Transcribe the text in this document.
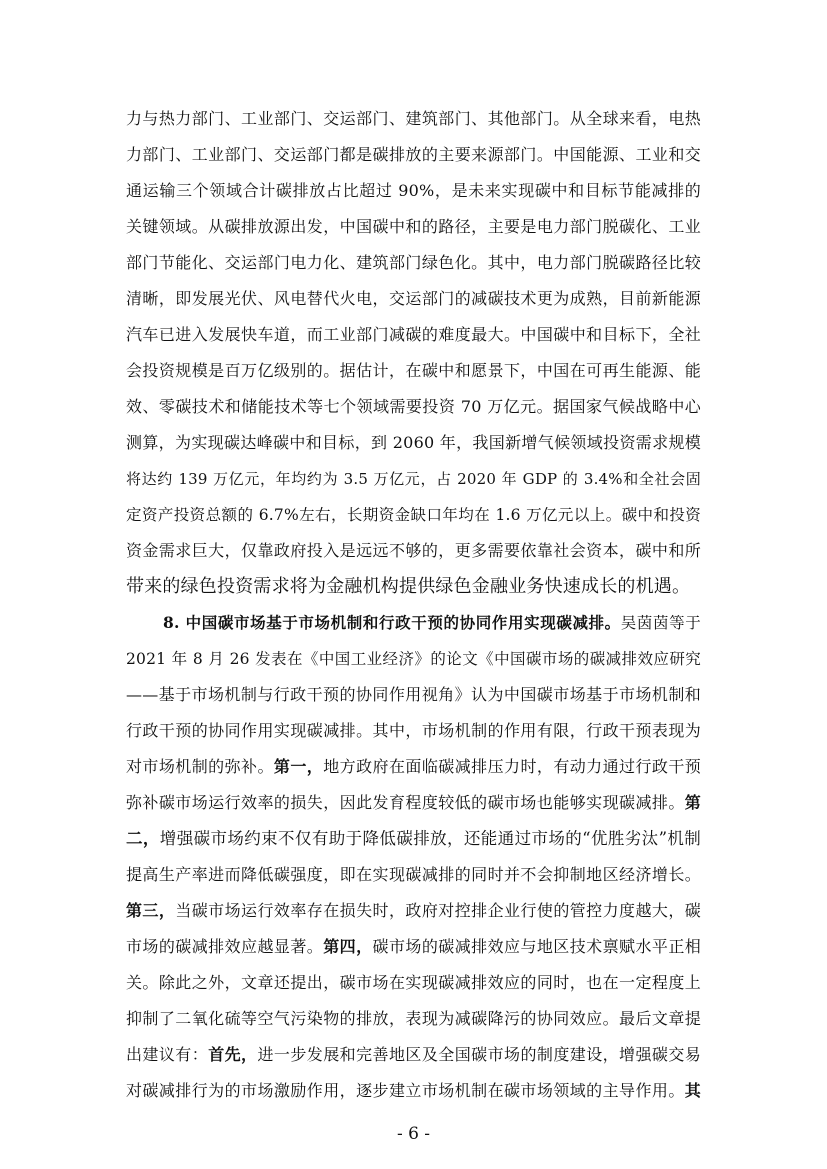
力与热力部门、工业部门、交运部门、建筑部门、其他部门。从全球来看，电热
力部门、工业部门、交运部门都是碳排放的主要来源部门。中国能源、工业和交
通运输三个领域合计碳排放占比超过 90%，是未来实现碳中和目标节能减排的
关键领域。从碳排放源出发，中国碳中和的路径，主要是电力部门脱碳化、工业
部门节能化、交运部门电力化、建筑部门绿色化。其中，电力部门脱碳路径比较
清晰，即发展光伏、风电替代火电，交运部门的减碳技术更为成熟，目前新能源
汽车已进入发展快车道，而工业部门减碳的难度最大。中国碳中和目标下，全社
会投资规模是百万亿级别的。据估计，在碳中和愿景下，中国在可再生能源、能
效、零碳技术和储能技术等七个领域需要投资 70 万亿元。据国家气候战略中心
测算，为实现碳达峰碳中和目标，到 2060 年，我国新增气候领域投资需求规模
将达约 139 万亿元，年均约为 3.5 万亿元，占 2020 年 GDP 的 3.4%和全社会固
定资产投资总额的 6.7%左右，长期资金缺口年均在 1.6 万亿元以上。碳中和投资
资金需求巨大，仅靠政府投入是远远不够的，更多需要依靠社会资本，碳中和所
带来的绿色投资需求将为金融机构提供绿色金融业务快速成长的机遇。
8. 中国碳市场基于市场机制和行政干预的协同作用实现碳减排。吴茵茵等于
2021 年 8 月 26 发表在《中国工业经济》的论文《中国碳市场的碳减排效应研究
——基于市场机制与行政干预的协同作用视角》认为中国碳市场基于市场机制和
行政干预的协同作用实现碳减排。其中，市场机制的作用有限，行政干预表现为
对市场机制的弥补。第一，地方政府在面临碳减排压力时，有动力通过行政干预
弥补碳市场运行效率的损失，因此发育程度较低的碳市场也能够实现碳减排。第
二，增强碳市场约束不仅有助于降低碳排放，还能通过市场的“优胜劣汰”机制
提高生产率进而降低碳强度，即在实现碳减排的同时并不会抑制地区经济增长。
第三，当碳市场运行效率存在损失时，政府对控排企业行使的管控力度越大，碳
市场的碳减排效应越显著。第四，碳市场的碳减排效应与地区技术禀赋水平正相
关。除此之外，文章还提出，碳市场在实现碳减排效应的同时，也在一定程度上
抑制了二氧化硫等空气污染物的排放，表现为减碳降污的协同效应。最后文章提
出建议有：首先，进一步发展和完善地区及全国碳市场的制度建设，增强碳交易
对碳减排行为的市场激励作用，逐步建立市场机制在碳市场领域的主导作用。其
- 6 -
